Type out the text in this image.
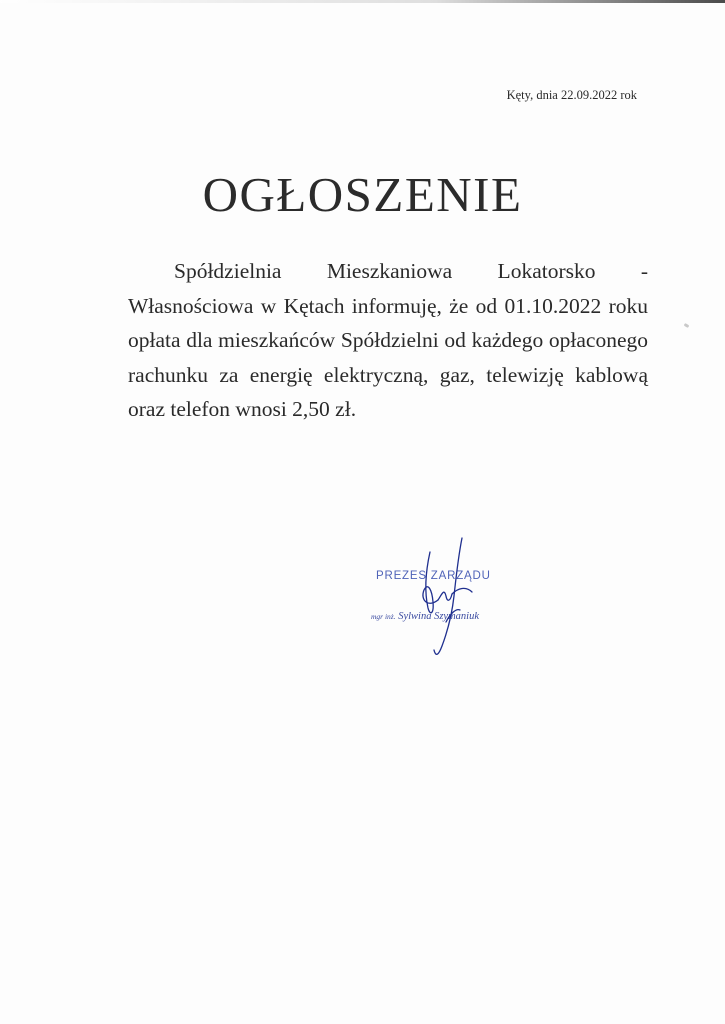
Kęty, dnia 22.09.2022 rok
OGŁOSZENIE

Spółdzielnia Mieszkaniowa Lokatorsko - Własnościowa w Kętach informuję, że od 01.10.2022 roku opłata dla mieszkańców Spółdzielni od każdego opłaconego rachunku za energię elektryczną, gaz, telewizję kablową oraz telefon wnosi 2,50 zł.

PREZES ZARZĄDU
mgr inż. Sylwina Szymaniuk
